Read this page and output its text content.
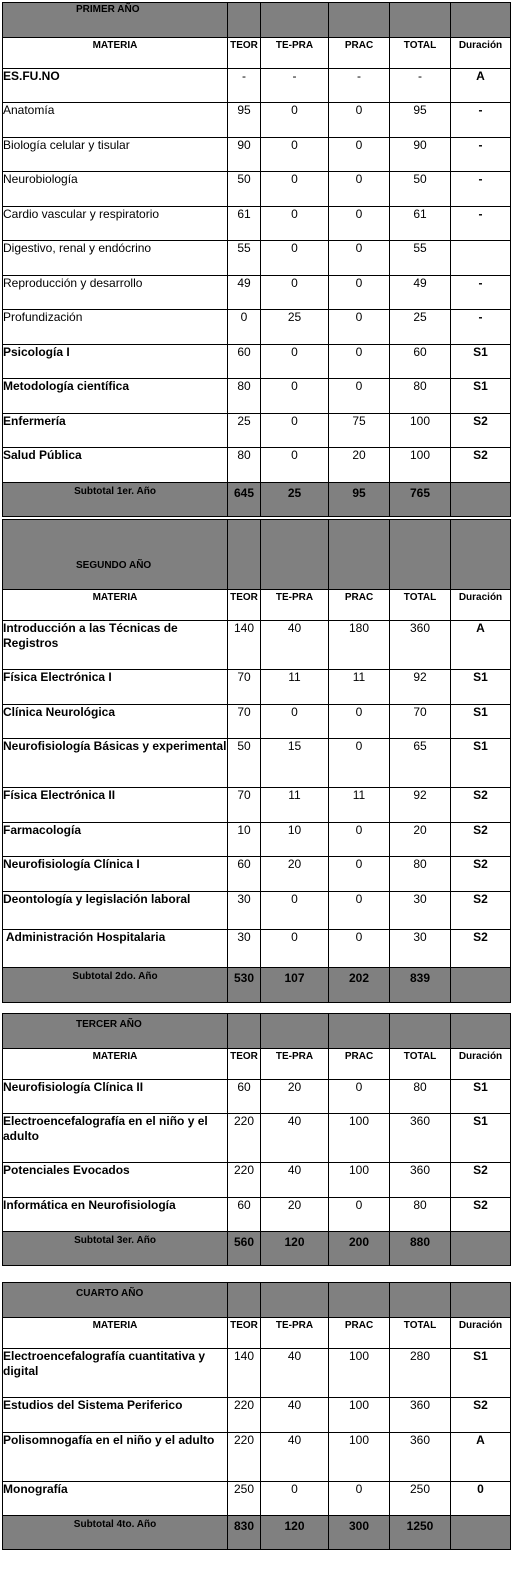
PRIMER AÑO					
MATERIA	TEOR	TE-PRA	PRAC	TOTAL	Duración
ES.FU.NO	-	-	-	-	A
Anatomía	95	0	0	95	-
Biología celular y tisular	90	0	0	90	-
Neurobiología	50	0	0	50	-
Cardio vascular y respiratorio	61	0	0	61	-
Digestivo, renal y endócrino	55	0	0	55	
Reproducción y desarrollo	49	0	0	49	-
Profundización	0	25	0	25	-
Psicología I	60	0	0	60	S1
Metodología científica	80	0	0	80	S1
Enfermería	25	0	75	100	S2
Salud Pública	80	0	20	100	S2
Subtotal 1er. Año	645	25	95	765	
SEGUNDO AÑO					
MATERIA	TEOR	TE-PRA	PRAC	TOTAL	Duración
Introducción a las Técnicas de Registros	140	40	180	360	A
Física Electrónica I	70	11	11	92	S1
Clínica Neurológica	70	0	0	70	S1
Neurofisiología Básicas y experimental	50	15	0	65	S1
Física Electrónica II	70	11	11	92	S2
Farmacología	10	10	0	20	S2
Neurofisiología Clínica I	60	20	0	80	S2
Deontología y legislación laboral	30	0	0	30	S2
Administración Hospitalaria	30	0	0	30	S2
Subtotal 2do. Año	530	107	202	839	
TERCER AÑO					
MATERIA	TEOR	TE-PRA	PRAC	TOTAL	Duración
Neurofisiología Clínica II	60	20	0	80	S1
Electroencefalografía en el niño y el adulto	220	40	100	360	S1
Potenciales Evocados	220	40	100	360	S2
Informática en Neurofisiología	60	20	0	80	S2
Subtotal 3er. Año	560	120	200	880	
CUARTO AÑO					
MATERIA	TEOR	TE-PRA	PRAC	TOTAL	Duración
Electroencefalografía cuantitativa y digital	140	40	100	280	S1
Estudios del Sistema Periferico	220	40	100	360	S2
Polisomnogafía en el niño y el adulto	220	40	100	360	A
Monografía	250	0	0	250	0
Subtotal 4to. Año	830	120	300	1250	
